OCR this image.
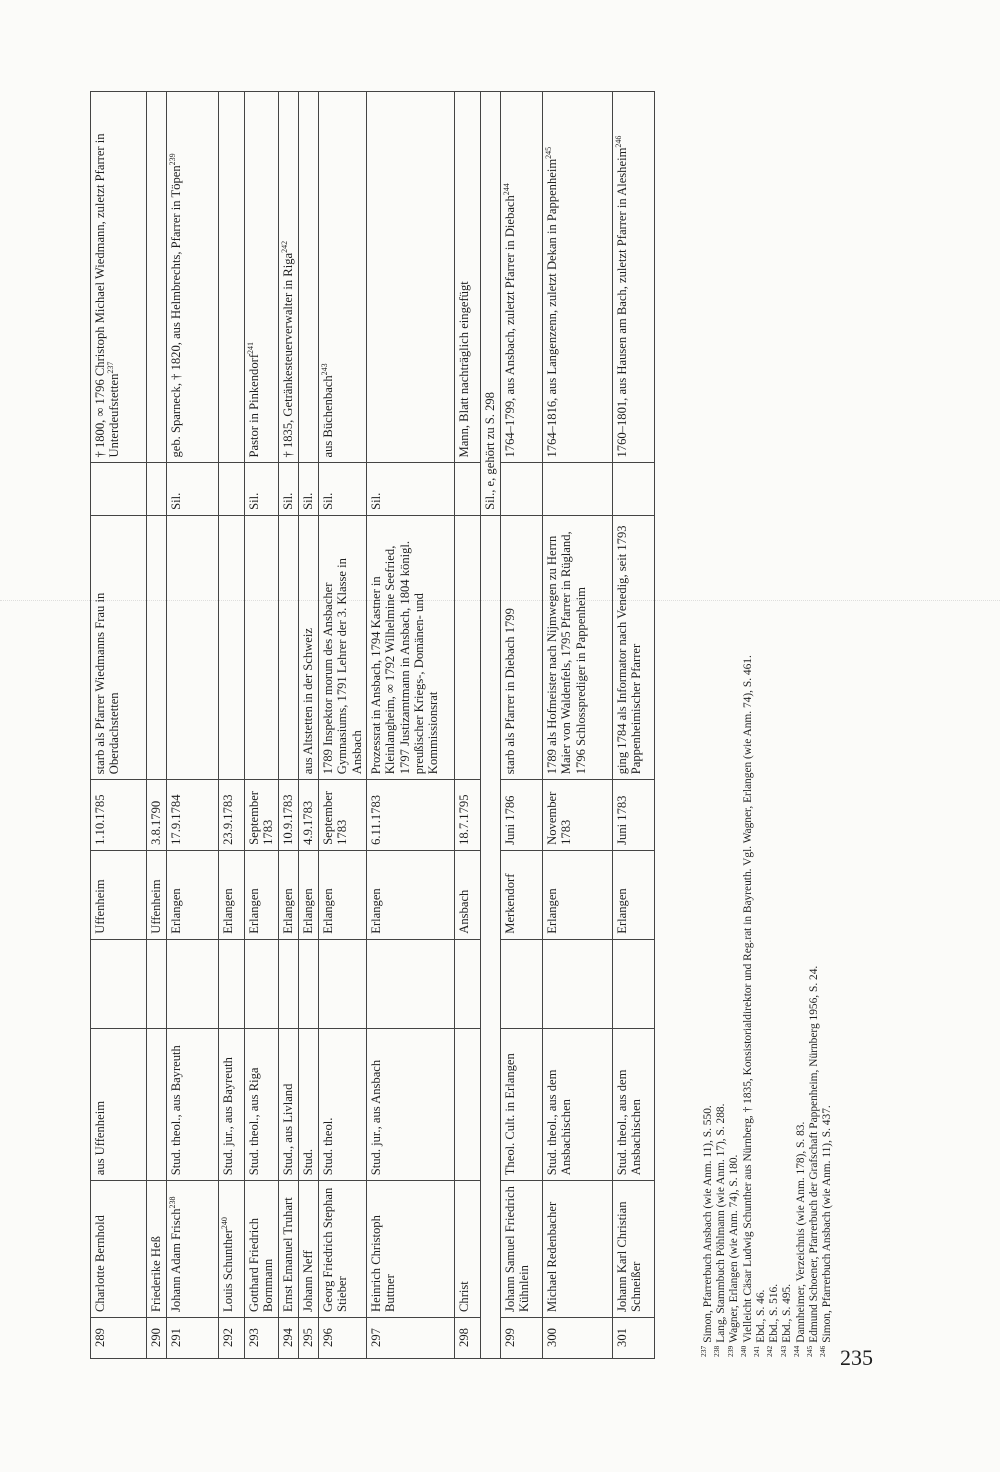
289	Charlotte Bernhold	aus Uffenheim		Uffenheim	1.10.1785	starb als Pfarrer Wiedmanns Frau in Oberdachstetten		† 1800, ∞ 1796 Christoph Michael Wiedmann, zuletzt Pfarrer in Unterdeufstetten$^{237}$
290	Friederike Heß			Uffenheim	3.8.1790			
291	Johann Adam Frisch$^{238}$	Stud. theol., aus Bayreuth		Erlangen	17.9.1784		Sil.	geb. Sparneck, † 1820, aus Helmbrechts, Pfarrer in Töpen$^{239}$
292	Louis Schunther$^{240}$	Stud. jur., aus Bayreuth		Erlangen	23.9.1783			
293	Gotthard Friedrich Bornmann	Stud. theol., aus Riga		Erlangen	September 1783		Sil.	Pastor in Pinkendorf$^{241}$
294	Ernst Emanuel Truhart	Stud., aus Livland		Erlangen	10.9.1783		Sil.	† 1835, Getränkesteuerverwalter in Riga$^{242}$
295	Johann Neff	Stud.		Erlangen	4.9.1783	aus Altstetten in der Schweiz	Sil.	
296	Georg Friedrich Stephan Stieber	Stud. theol.		Erlangen	September 1783	1789 Inspektor morum des Ansbacher Gymnasiums, 1791 Lehrer der 3. Klasse in Ansbach	Sil.	aus Büchenbach$^{243}$
297	Heinrich Christoph Buttner	Stud. jur., aus Ansbach		Erlangen	6.11.1783	Prozessrat in Ansbach, 1794 Kastner in Kleinlangheim, ∞ 1792 Wilhelmine Seefried, 1797 Justizamtmann in Ansbach, 1804 königl. preußischer Kriegs-, Domänen- und Kommissionsrat	Sil.	
298	Christ			Ansbach	18.7.1795			Mann, Blatt nachträglich eingefügt
							Sil., e, gehört zu S. 298	
299	Johann Samuel Friedrich Kühnlein	Theol. Cult. in Erlangen		Merkendorf	Juni 1786	starb als Pfarrer in Diebach 1799		1764–1799, aus Ansbach, zuletzt Pfarrer in Diebach$^{244}$
300	Michael Redenbacher	Stud. theol., aus dem Ansbachischen		Erlangen	November 1783	1789 als Hofmeister nach Nijmwegen zu Herrn Maier von Waldenfels, 1795 Pfarrer in Rügland, 1796 Schlossprediger in Pappenheim		1764–1816, aus Langenzenn, zuletzt Dekan in Pappenheim$^{245}$
301	Johann Karl Christian Schneißer	Stud. theol., aus dem Ansbachischen		Erlangen	Juni 1783	ging 1784 als Informator nach Venedig, seit 1793 Pappenheimischer Pfarrer		1760–1801, aus Hausen am Bach, zuletzt Pfarrer in Alesheim$^{246}$
$^{237}$Simon, Pfarrerbuch Ansbach (wie Anm. 11), S. 550.
$^{238}$Lang, Stammbuch Pöhlmann (wie Anm. 17), S. 288.
$^{239}$Wagner, Erlangen (wie Anm. 74), S. 180.
$^{240}$Vielleicht Cäsar Ludwig Schunther aus Nürnberg, † 1835, Konsistorialdirektor und Reg.rat in Bayreuth. Vgl. Wagner, Erlangen (wie Anm. 74), S. 461.
$^{241}$Ebd., S. 46.
$^{242}$Ebd., S. 516.
$^{243}$Ebd., S. 495.
$^{244}$Dannheimer, Verzeichnis (wie Anm. 178), S. 83.
$^{245}$Edmund Schoener, Pfarrerbuch der Grafschaft Pappenheim, Nürnberg 1956, S. 24.
$^{246}$Simon, Pfarrerbuch Ansbach (wie Anm. 11), S. 437.
235
